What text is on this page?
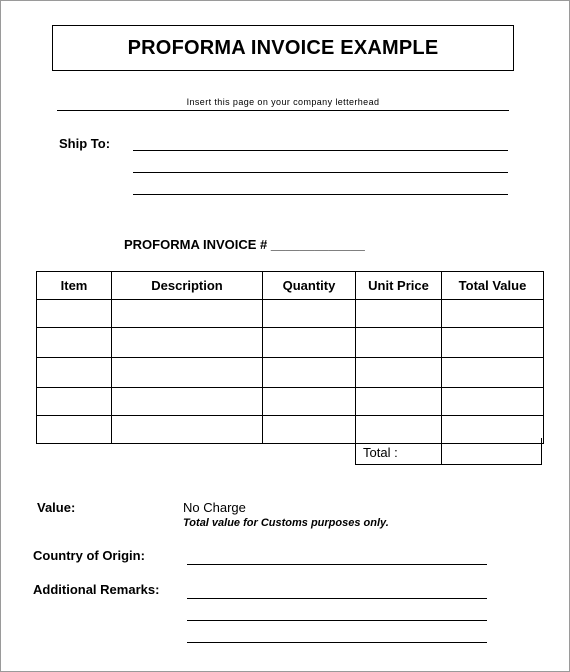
PROFORMA INVOICE EXAMPLE
Insert this page on your company letterhead
Ship To:
PROFORMA INVOICE # _____________
Item	Description	Quantity	Unit Price	Total Value

Total :
Value:	No Charge
Total value for Customs purposes only.
Country of Origin:
Additional Remarks:
